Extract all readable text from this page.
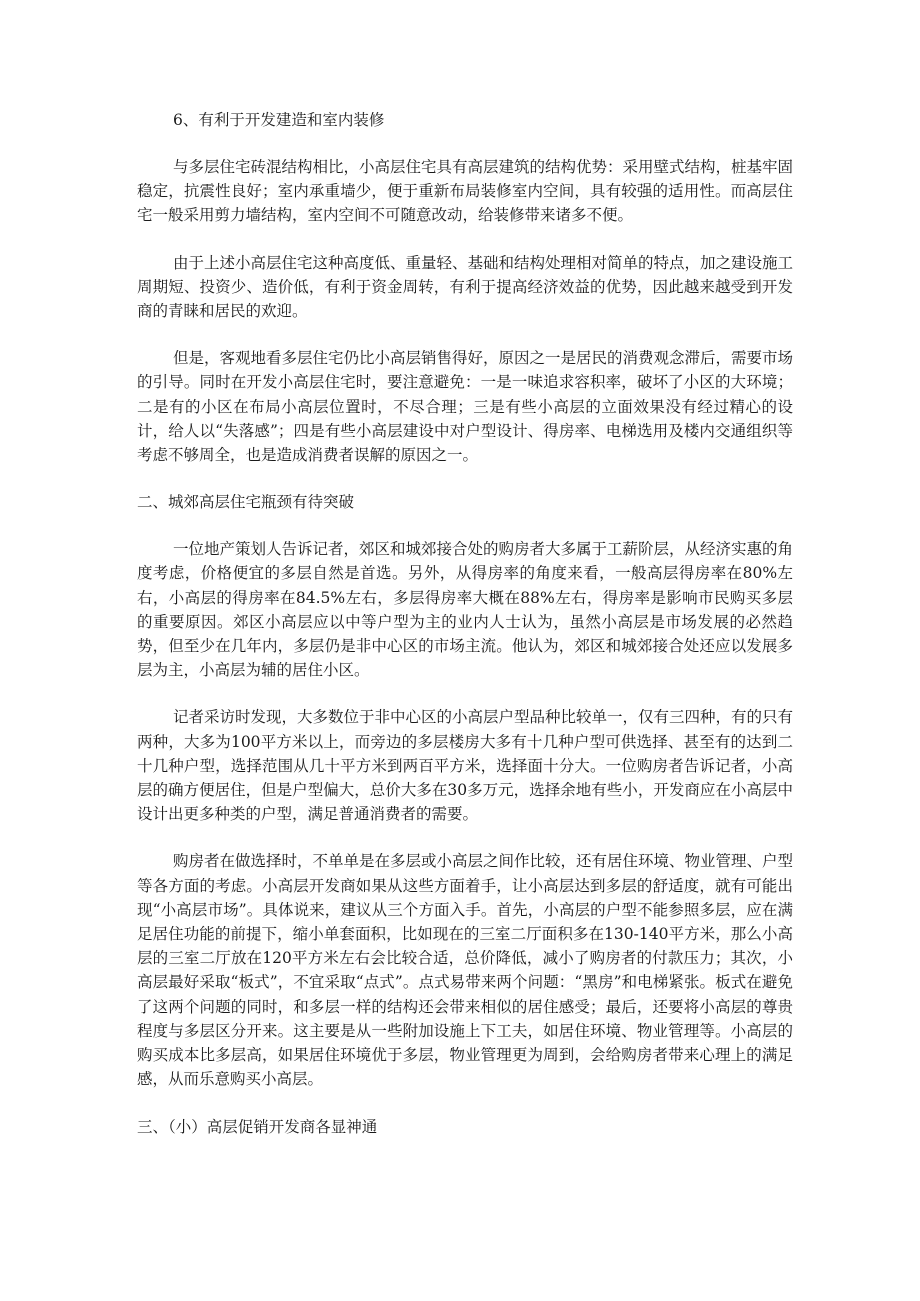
6、有利于开发建造和室内装修

与多层住宅砖混结构相比，小高层住宅具有高层建筑的结构优势：采用壁式结构，桩基牢固稳定，抗震性良好；室内承重墙少，便于重新布局装修室内空间，具有较强的适用性。而高层住宅一般采用剪力墙结构，室内空间不可随意改动，给装修带来诸多不便。

由于上述小高层住宅这种高度低、重量轻、基础和结构处理相对简单的特点，加之建设施工周期短、投资少、造价低，有利于资金周转，有利于提高经济效益的优势，因此越来越受到开发商的青睐和居民的欢迎。

但是，客观地看多层住宅仍比小高层销售得好，原因之一是居民的消费观念滞后，需要市场的引导。同时在开发小高层住宅时，要注意避免：一是一味追求容积率，破坏了小区的大环境；二是有的小区在布局小高层位置时，不尽合理；三是有些小高层的立面效果没有经过精心的设计，给人以“失落感”；四是有些小高层建设中对户型设计、得房率、电梯选用及楼内交通组织等考虑不够周全，也是造成消费者误解的原因之一。

二、城郊高层住宅瓶颈有待突破

一位地产策划人告诉记者，郊区和城郊接合处的购房者大多属于工薪阶层，从经济实惠的角度考虑，价格便宜的多层自然是首选。另外，从得房率的角度来看，一般高层得房率在80%左右，小高层的得房率在84.5%左右，多层得房率大概在88%左右，得房率是影响市民购买多层的重要原因。郊区小高层应以中等户型为主的业内人士认为，虽然小高层是市场发展的必然趋势，但至少在几年内，多层仍是非中心区的市场主流。他认为，郊区和城郊接合处还应以发展多层为主，小高层为辅的居住小区。

记者采访时发现，大多数位于非中心区的小高层户型品种比较单一，仅有三四种，有的只有两种，大多为100平方米以上，而旁边的多层楼房大多有十几种户型可供选择、甚至有的达到二十几种户型，选择范围从几十平方米到两百平方米，选择面十分大。一位购房者告诉记者，小高层的确方便居住，但是户型偏大，总价大多在30多万元，选择余地有些小，开发商应在小高层中设计出更多种类的户型，满足普通消费者的需要。

购房者在做选择时，不单单是在多层或小高层之间作比较，还有居住环境、物业管理、户型等各方面的考虑。小高层开发商如果从这些方面着手，让小高层达到多层的舒适度，就有可能出现“小高层市场”。具体说来，建议从三个方面入手。首先，小高层的户型不能参照多层，应在满足居住功能的前提下，缩小单套面积，比如现在的三室二厅面积多在130-140平方米，那么小高层的三室二厅放在120平方米左右会比较合适，总价降低，减小了购房者的付款压力；其次，小高层最好采取“板式”，不宜采取“点式”。点式易带来两个问题：“黑房”和电梯紧张。板式在避免了这两个问题的同时，和多层一样的结构还会带来相似的居住感受；最后，还要将小高层的尊贵程度与多层区分开来。这主要是从一些附加设施上下工夫，如居住环境、物业管理等。小高层的购买成本比多层高，如果居住环境优于多层，物业管理更为周到，会给购房者带来心理上的满足感，从而乐意购买小高层。

三、（小）高层促销开发商各显神通
